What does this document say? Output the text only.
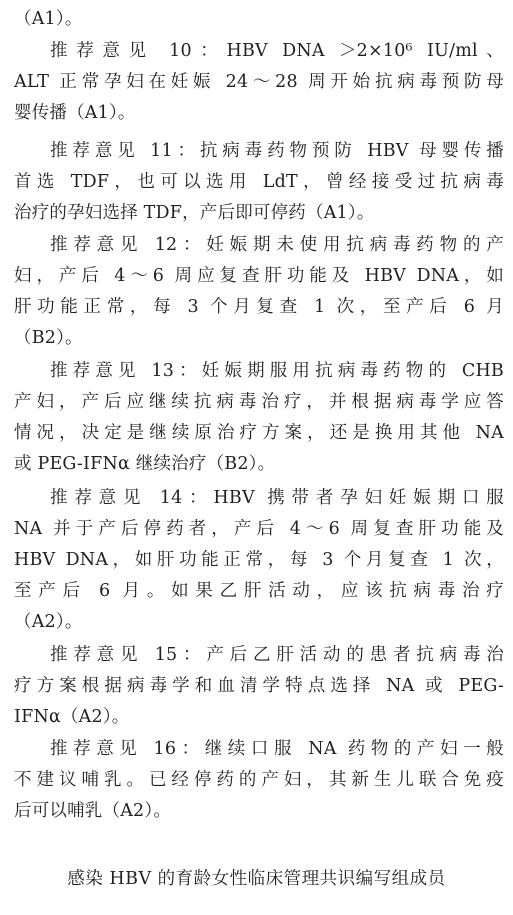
（A1）。
推荐意见 10：HBV DNA ＞2×10⁶ IU/ml、
ALT 正常孕妇在妊娠 24～28 周开始抗病毒预防母
婴传播（A1）。
推荐意见 11：抗病毒药物预防 HBV 母婴传播
首选 TDF，也可以选用 LdT，曾经接受过抗病毒
治疗的孕妇选择 TDF，产后即可停药（A1）。
推荐意见 12：妊娠期未使用抗病毒药物的产
妇，产后 4～6 周应复查肝功能及 HBV DNA，如
肝功能正常，每 3 个月复查 1 次，至产后 6 月
（B2）。
推荐意见 13：妊娠期服用抗病毒药物的 CHB
产妇，产后应继续抗病毒治疗，并根据病毒学应答
情况，决定是继续原治疗方案，还是换用其他 NA
或 PEG-IFNα 继续治疗（B2）。
推荐意见 14：HBV 携带者孕妇妊娠期口服
NA 并于产后停药者，产后 4～6 周复查肝功能及
HBV DNA，如肝功能正常，每 3 个月复查 1 次，
至产后 6 月。如果乙肝活动，应该抗病毒治疗
（A2）。
推荐意见 15：产后乙肝活动的患者抗病毒治
疗方案根据病毒学和血清学特点选择 NA 或 PEG-
IFNα（A2）。
推荐意见 16：继续口服 NA 药物的产妇一般
不建议哺乳。已经停药的产妇，其新生儿联合免疫
后可以哺乳（A2）。
感染 HBV 的育龄女性临床管理共识编写组成员
